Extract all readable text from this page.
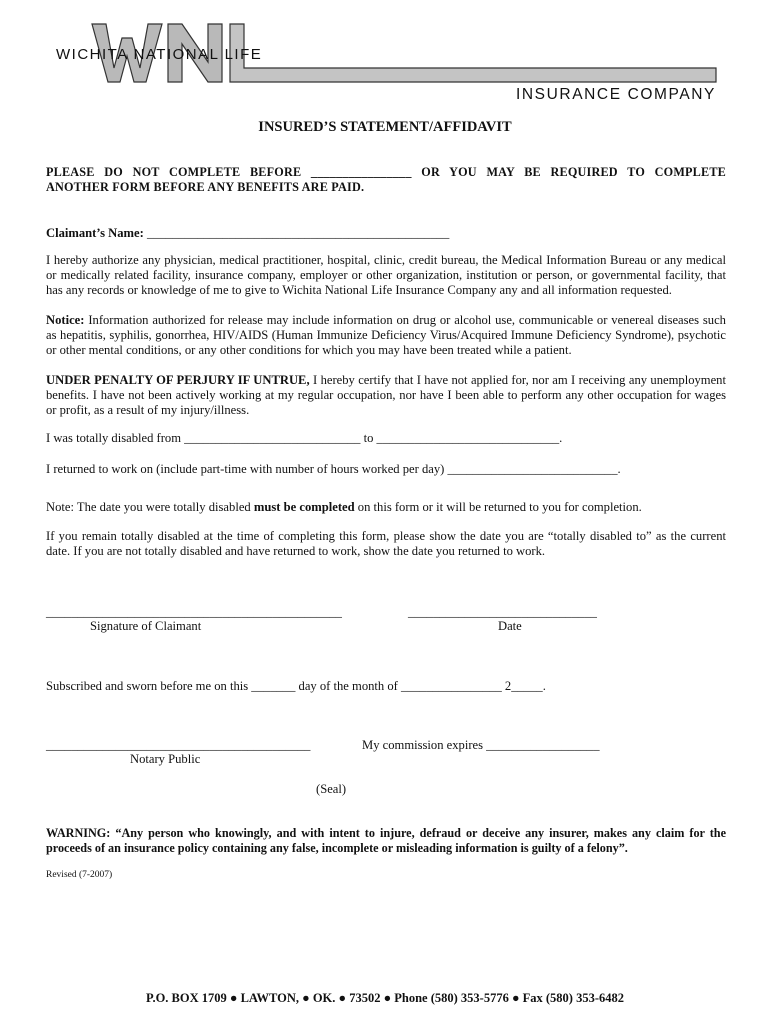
WICHITA NATIONAL LIFE
INSURANCE COMPANY
INSURED’S STATEMENT/AFFIDAVIT
PLEASE DO NOT COMPLETE BEFORE ________________ OR YOU MAY BE REQUIRED TO COMPLETE
ANOTHER FORM BEFORE ANY BENEFITS ARE PAID.
Claimant’s Name: ________________________________________________
I hereby authorize any physician, medical practitioner, hospital, clinic, credit bureau, the Medical Information Bureau or any medical or medically related facility, insurance company, employer or other organization, institution or person, or governmental facility, that has any records or knowledge of me to give to Wichita National Life Insurance Company any and all information requested.
Notice: Information authorized for release may include information on drug or alcohol use, communicable or venereal diseases such as hepatitis, syphilis, gonorrhea, HIV/AIDS (Human Immunize Deficiency Virus/Acquired Immune Deficiency Syndrome), psychotic or other mental conditions, or any other conditions for which you may have been treated while a patient.
UNDER PENALTY OF PERJURY IF UNTRUE, I hereby certify that I have not applied for, nor am I receiving any unemployment benefits. I have not been actively working at my regular occupation, nor have I been able to perform any other occupation for wages or profit, as a result of my injury/illness.
I was totally disabled from ____________________________ to _____________________________.
I returned to work on (include part-time with number of hours worked per day) ___________________________.
Note: The date you were totally disabled must be completed on this form or it will be returned to you for completion.
If you remain totally disabled at the time of completing this form, please show the date you are “totally disabled to” as the current date. If you are not totally disabled and have returned to work, show the date you returned to work.
_______________________________________________
Signature of Claimant
______________________________
Date
Subscribed and sworn before me on this _______ day of the month of ________________ 2_____.
__________________________________________
Notary Public
My commission expires __________________
(Seal)
WARNING: “Any person who knowingly, and with intent to injure, defraud or deceive any insurer, makes any claim for the proceeds of an insurance policy containing any false, incomplete or misleading information is guilty of a felony”.
Revised (7-2007)
P.O. BOX 1709 ● LAWTON, ● OK. ● 73502 ● Phone (580) 353-5776 ● Fax (580) 353-6482
